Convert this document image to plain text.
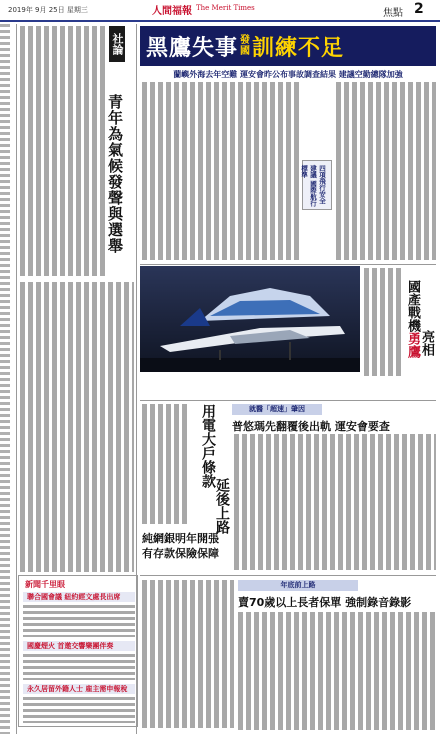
2019年 9月 25日 星期三	人間福報 The Merit Times	焦點 2
黑鷹失事 發
國 訓練不足
蘭嶼外海去年空難 運安會昨公布事故調查結果 建議空勤總隊加強
四項飛行安全建議 國際航行標準
社論
青年為氣候發聲與選舉
國產戰機勇鷹 亮相
就醫「超速」肇因
普悠瑪先翻覆後出軌 運安會要查
用電大戶條款
延後上路
純網銀明年開張
有存款保險保障
年底前上路
賣70歲以上長者保單 強制錄音錄影
新聞千里眼
聯合國會議 紐約經文處長出席
國慶煙火 首邀交響樂團伴奏
永久居留外籍人士 雇主需申報稅
